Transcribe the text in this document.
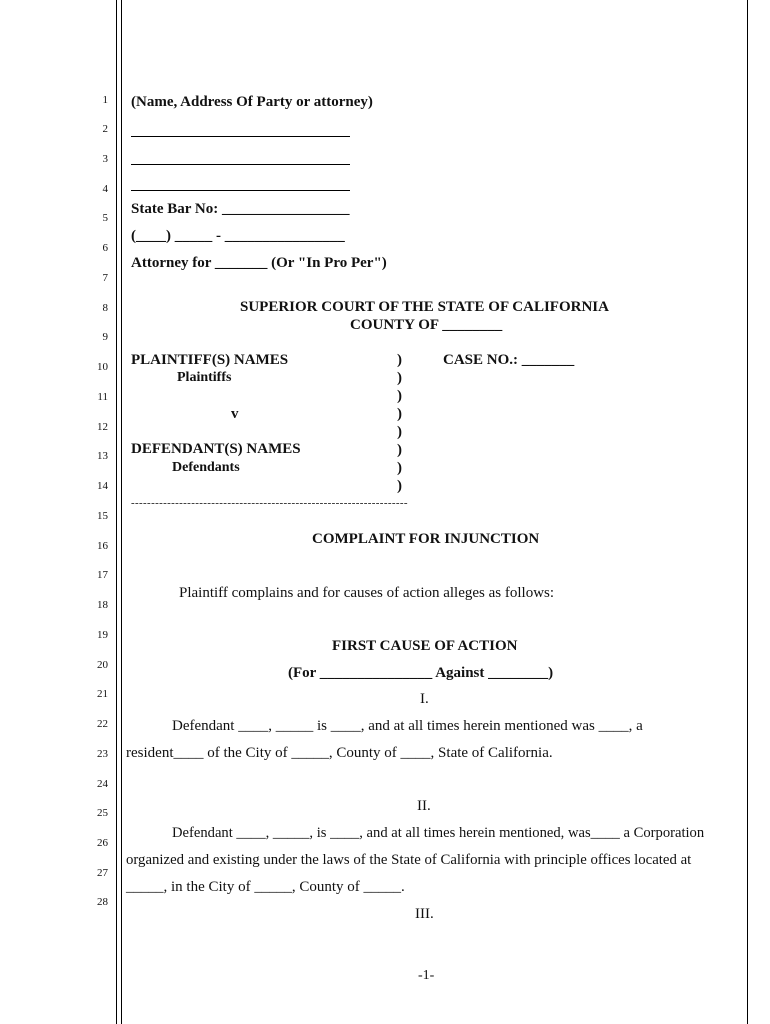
1
2
3
4
5
6
7
8
9
10
11
12
13
14
15
16
17
18
19
20
21
22
23
24
25
26
27
28
(Name, Address Of Party or attorney)
State Bar No: _________________
(____) _____ - ________________
Attorney for _______ (Or "In Pro Per")
SUPERIOR COURT OF THE STATE OF CALIFORNIA
COUNTY OF ________
PLAINTIFF(S) NAMES
Plaintiffs
v
DEFENDANT(S) NAMES
Defendants
)
)
)
)
)
)
)
)
CASE NO.: _______
---------------------------------------------------------------------
COMPLAINT FOR INJUNCTION
Plaintiff complains and for causes of action alleges as follows:
FIRST CAUSE OF ACTION
(For _______________ Against ________)
I.
Defendant ____, _____ is ____, and at all times herein mentioned was ____, a
resident____ of the City of _____, County of ____, State of California.
II.
Defendant ____, _____, is ____, and at all times herein mentioned, was____ a Corporation
organized and existing under the laws of the State of California with principle offices located at
_____, in the City of _____, County of _____.
III.
-1-
